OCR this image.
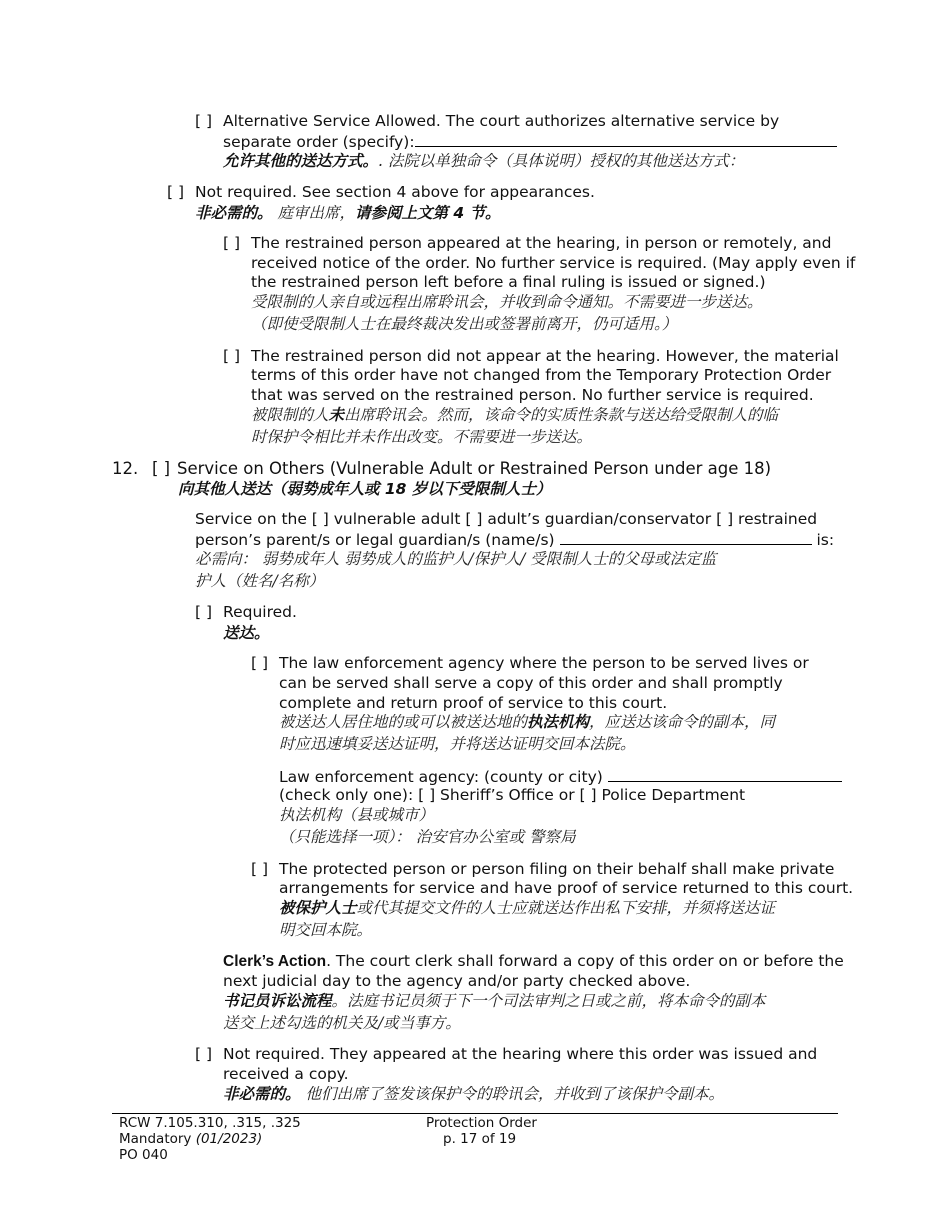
[ ] Alternative Service Allowed. The court authorizes alternative service by
separate order (specify):
允许其他的送达方式。. 法院以单独命令（具体说明）授权的其他送达方式：
[ ] Not required. See section 4 above for appearances.
非必需的。 庭审出席，请参阅上文第 4 节。
[ ] The restrained person appeared at the hearing, in person or remotely, and
received notice of the order. No further service is required. (May apply even if
the restrained person left before a final ruling is issued or signed.)
受限制的人亲自或远程出席聆讯会，并收到命令通知。不需要进一步送达。
（即使受限制人士在最终裁决发出或签署前离开，仍可适用。）
[ ] The restrained person did not appear at the hearing. However, the material
terms of this order have not changed from the Temporary Protection Order
that was served on the restrained person. No further service is required.
被限制的人未出席聆讯会。然而，该命令的实质性条款与送达给受限制人的临
时保护令相比并未作出改变。不需要进一步送达。
12. [ ] Service on Others (Vulnerable Adult or Restrained Person under age 18)
向其他人送达（弱势成年人或 18 岁以下受限制人士）
Service on the [ ] vulnerable adult [ ] adult’s guardian/conservator [ ] restrained
person’s parent/s or legal guardian/s (name/s)	is:
必需向： 弱势成年人 弱势成人的监护人/保护人/ 受限制人士的父母或法定监
护人（姓名/名称）
[ ] Required.
送达。
[ ] The law enforcement agency where the person to be served lives or
can be served shall serve a copy of this order and shall promptly
complete and return proof of service to this court.
被送达人居住地的或可以被送达地的执法机构，应送达该命令的副本，同
时应迅速填妥送达证明，并将送达证明交回本法院。
Law enforcement agency: (county or city)
(check only one): [ ] Sheriff’s Office or [ ] Police Department
执法机构（县或城市）
（只能选择一项）： 治安官办公室或 警察局
[ ] The protected person or person filing on their behalf shall make private
arrangements for service and have proof of service returned to this court.
被保护人士或代其提交文件的人士应就送达作出私下安排，并须将送达证
明交回本院。
Clerk’s Action. The court clerk shall forward a copy of this order on or before the
next judicial day to the agency and/or party checked above.
书记员诉讼流程。法庭书记员须于下一个司法审判之日或之前，将本命令的副本
送交上述勾选的机关及/或当事方。
[ ] Not required. They appeared at the hearing where this order was issued and
received a copy.
非必需的。 他们出席了签发该保护令的聆讯会，并收到了该保护令副本。
RCW 7.105.310, .315, .325
Mandatory (01/2023)
PO 040
Protection Order
p. 17 of 19
